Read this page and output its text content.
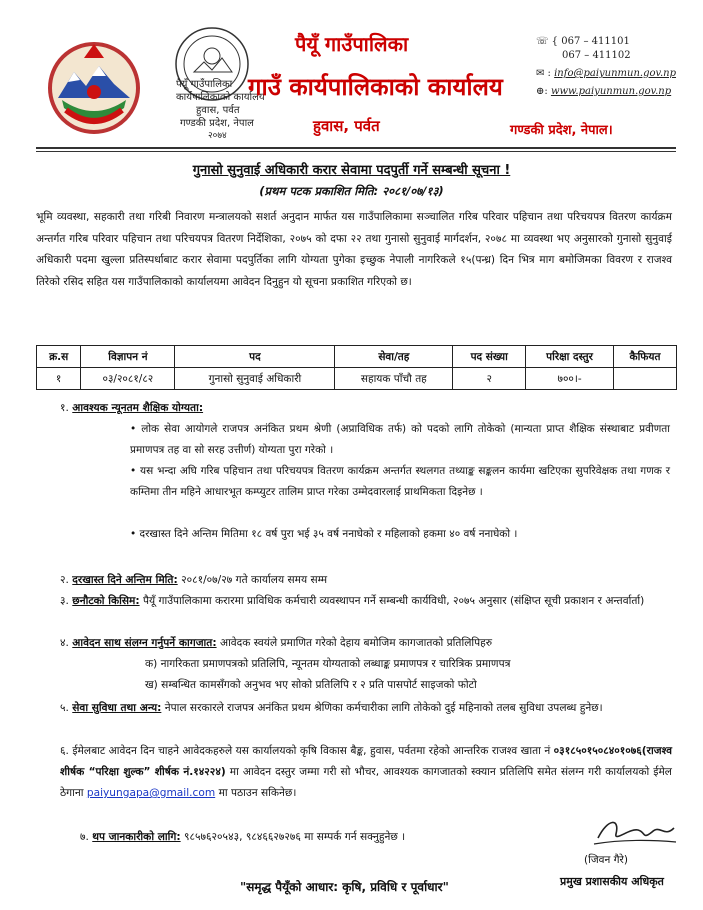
पैयूँ गाउँपालिका
कार्यपालिकाको कार्यालय
हुवास, पर्वत
गण्डकी प्रदेश, नेपाल
२०७४
पैयूँ गाउँपालिका
गाउँ कार्यपालिकाको कार्यालय
हुवास, पर्वत	गण्डकी प्रदेश, नेपाल।
☏ { 067 – 411101
067 – 411102
✉ : info@paiyunmun.gov.np
⊕: www.paiyunmun.gov.np
गुनासो सुनुवाई अधिकारी करार सेवामा पदपुर्ती गर्ने सम्बन्धी सूचना !
(प्रथम पटक प्रकाशित मिति: २०८१/०७/१३)
भूमि व्यवस्था, सहकारी तथा गरिबी निवारण मन्त्रालयको सशर्त अनुदान मार्फत यस गाउँपालिकामा सञ्चालित गरिब परिवार पहिचान तथा परिचयपत्र वितरण कार्यक्रम अन्तर्गत गरिब परिवार पहिचान तथा परिचयपत्र वितरण निर्देशिका, २०७५ को दफा २२ तथा गुनासो सुनुवाई मार्गदर्शन, २०७८ मा व्यवस्था भए अनुसारको गुनासो सुनुवाई अधिकारी पदमा खुल्ला प्रतिस्पर्धाबाट करार सेवामा पदपुर्तिका लागि योग्यता पुगेका इच्छुक नेपाली नागरिकले १५(पन्ध्र) दिन भित्र माग बमोजिमका विवरण र राजश्व तिरेको रसिद सहित यस गाउँपालिकाको कार्यालयमा आवेदन दिनुहुन यो सूचना प्रकाशित गरिएको छ।
क्र.स	विज्ञापन नं	पद	सेवा/तह	पद संख्या	परिक्षा दस्तुर	कैफियत
१	०३/२०८१/८२	गुनासो सुनुवाई अधिकारी	सहायक पाँचौ तह	२	७००।-	
१. आवश्यक न्यूनतम शैक्षिक योग्यता:
• लोक सेवा आयोगले राजपत्र अनंकित प्रथम श्रेणी (अप्राविधिक तर्फ) को पदको लागि तोकेको (मान्यता प्राप्त शैक्षिक संस्थाबाट प्रवीणता प्रमाणपत्र तह वा सो सरह उत्तीर्ण) योग्यता पुरा गरेको ।
• यस भन्दा अघि गरिब पहिचान तथा परिचयपत्र वितरण कार्यक्रम अन्तर्गत स्थलगत तथ्याङ्क सङ्कलन कार्यमा खटिएका सुपरिवेक्षक तथा गणक र कम्तिमा तीन महिने आधारभूत कम्प्युटर तालिम प्राप्त गरेका उम्मेदवारलाई प्राथमिकता दिइनेछ ।
• दरखास्त दिने अन्तिम मितिमा १८ वर्ष पुरा भई ३५ वर्ष ननाघेको र महिलाको हकमा ४० वर्ष ननाघेको ।
२. दरखास्त दिने अन्तिम मिति: २०८१/०७/२७ गते कार्यालय समय सम्म
३. छनौटको किसिम: पैयूँ गाउँपालिकामा करारमा प्राविधिक कर्मचारी व्यवस्थापन गर्ने सम्बन्धी कार्यविधी, २०७५ अनुसार (संक्षिप्त सूची प्रकाशन र अन्तर्वार्ता)
४. आवेदन साथ संलग्न गर्नुपर्ने कागजात: आवेदक स्वयंले प्रमाणित गरेको देहाय बमोजिम कागजातको प्रतिलिपिहरु
क) नागरिकता प्रमाणपत्रको प्रतिलिपि, न्यूनतम योग्यताको लब्धाङ्क प्रमाणपत्र र चारित्रिक प्रमाणपत्र
ख) सम्बन्धित कामसँगको अनुभव भए सोको प्रतिलिपि र २ प्रति पासपोर्ट साइजको फोटो
५. सेवा सुविधा तथा अन्य: नेपाल सरकारले राजपत्र अनंकित प्रथम श्रेणिका कर्मचारीका लागि तोकेको दुई महिनाको तलब सुविधा उपलब्ध हुनेछ।
६. ईमेलबाट आवेदन दिन चाहने आवेदकहरुले यस कार्यालयको कृषि विकास बैङ्क, हुवास, पर्वतमा रहेको आन्तरिक राजश्व खाता नं ०३१८५०१५०८४०१०७६(राजश्व शीर्षक “परिक्षा शुल्क” शीर्षक नं.१४२२४) मा आवेदन दस्तुर जम्मा गरी सो भौचर, आवश्यक कागजातको स्क्यान प्रतिलिपि समेत संलग्न गरी कार्यालयको ईमेल ठेगाना paiyungapa@gmail.com मा पठाउन सकिनेछ।
७. थप जानकारीको लागि: ९८५७६२०५४३, ९८४६६२७२७६ मा सम्पर्क गर्न सक्नुहुनेछ ।
(जिवन गैरे)
प्रमुख प्रशासकीय अधिकृत
"समृद्ध पैयूँको आधार: कृषि, प्रविधि र पूर्वाधार"
